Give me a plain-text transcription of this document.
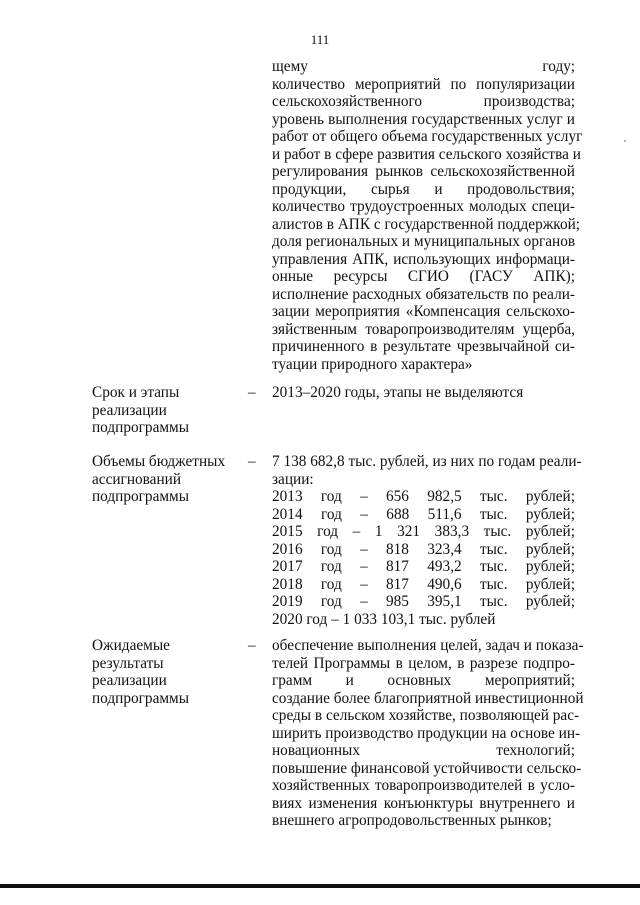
111
щему году;
количество мероприятий по популяризации
сельскохозяйственного производства;
уровень выполнения государственных услуг и
работ от общего объема государственных услуг
и работ в сфере развития сельского хозяйства и
регулирования рынков сельскохозяйственной
продукции, сырья и продовольствия;
количество трудоустроенных молодых специ-
алистов в АПК с государственной поддержкой;
доля региональных и муниципальных органов
управления АПК, использующих информаци-
онные ресурсы СГИО (ГАСУ АПК);
исполнение расходных обязательств по реали-
зации мероприятия «Компенсация сельскохо-
зяйственным товаропроизводителям ущерба,
причиненного в результате чрезвычайной си-
туации природного характера»
Срок и этапы
реализации
подпрограммы
– 2013–2020 годы, этапы не выделяются
Объемы бюджетных
ассигнований
подпрограммы
– 7 138 682,8 тыс. рублей, из них по годам реали-
зации:
2013 год – 656 982,5 тыс. рублей;
2014 год – 688 511,6 тыс. рублей;
2015 год – 1 321 383,3 тыс. рублей;
2016 год – 818 323,4 тыс. рублей;
2017 год – 817 493,2 тыс. рублей;
2018 год – 817 490,6 тыс. рублей;
2019 год – 985 395,1 тыс. рублей;
2020 год – 1 033 103,1 тыс. рублей
Ожидаемые
результаты
реализации
подпрограммы
– обеспечение выполнения целей, задач и показа-
телей Программы в целом, в разрезе подпро-
грамм и основных мероприятий;
создание более благоприятной инвестиционной
среды в сельском хозяйстве, позволяющей рас-
ширить производство продукции на основе ин-
новационных технологий;
повышение финансовой устойчивости сельско-
хозяйственных товаропроизводителей в усло-
виях изменения конъюнктуры внутреннего и
внешнего агропродовольственных рынков;
